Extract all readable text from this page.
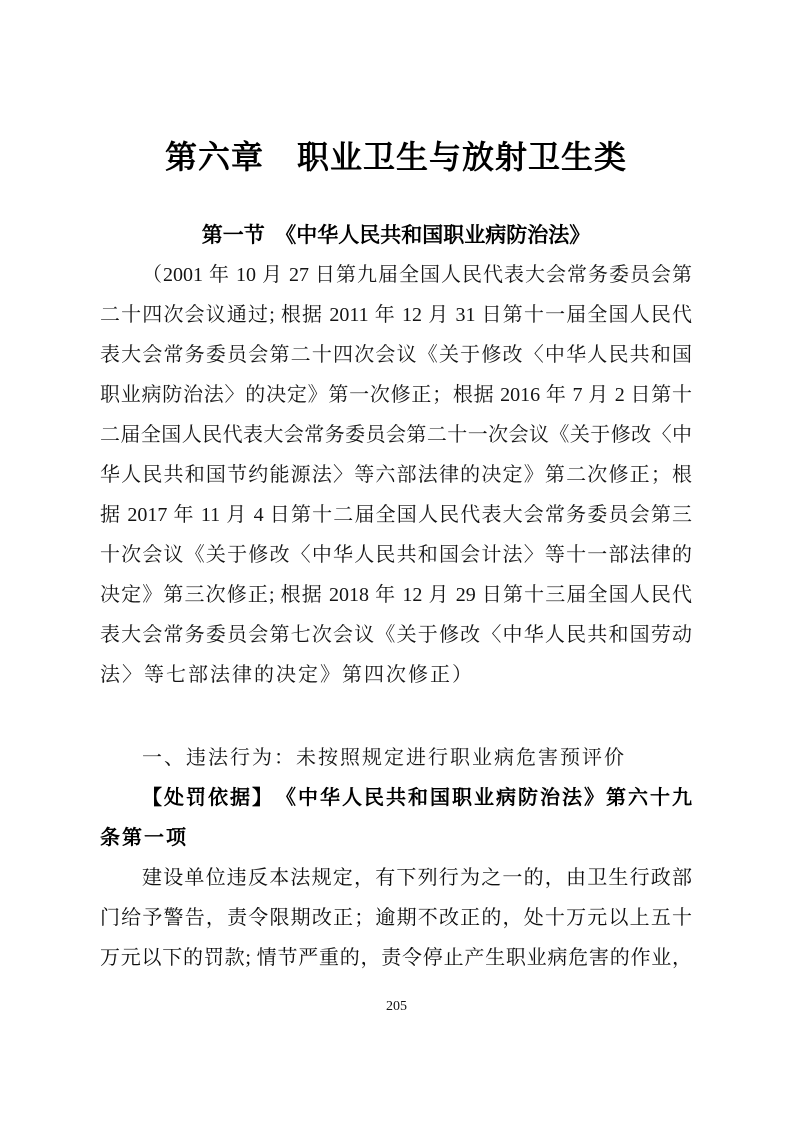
第六章　职业卫生与放射卫生类
第一节　《中华人民共和国职业病防治法》
（2001 年 10 月 27 日第九届全国人民代表大会常务委员会第
二十四次会议通过; 根据 2011 年 12 月 31 日第十一届全国人民代
表大会常务委员会第二十四次会议《关于修改〈中华人民共和国
职业病防治法〉的决定》第一次修正；根据 2016 年 7 月 2 日第十
二届全国人民代表大会常务委员会第二十一次会议《关于修改〈中
华人民共和国节约能源法〉等六部法律的决定》第二次修正；根
据 2017 年 11 月 4 日第十二届全国人民代表大会常务委员会第三
十次会议《关于修改〈中华人民共和国会计法〉等十一部法律的
决定》第三次修正; 根据 2018 年 12 月 29 日第十三届全国人民代
表大会常务委员会第七次会议《关于修改〈中华人民共和国劳动
法〉等七部法律的决定》第四次修正）
一、违法行为：未按照规定进行职业病危害预评价
【处罚依据】　《中华人民共和国职业病防治法》第六十九
条第一项
建设单位违反本法规定，有下列行为之一的，由卫生行政部
门给予警告，责令限期改正；逾期不改正的，处十万元以上五十
万元以下的罚款; 情节严重的，责令停止产生职业病危害的作业，
205
